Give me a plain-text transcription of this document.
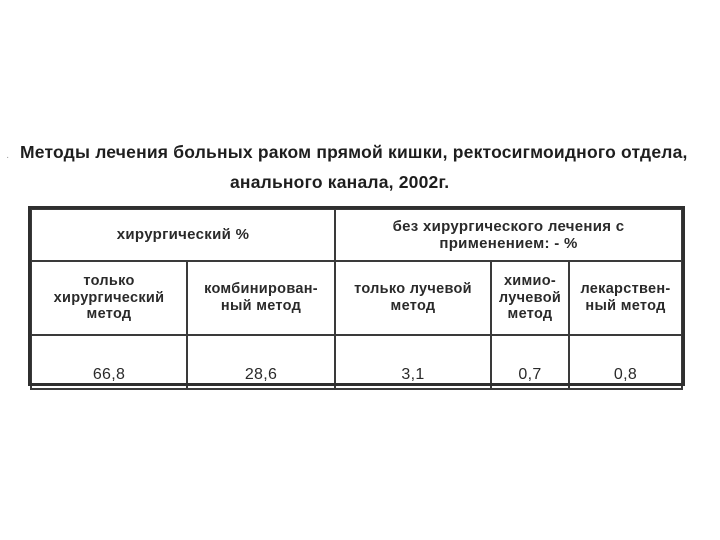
Методы лечения больных раком прямой кишки, ректосигмоидного отдела,
анального канала, 2002г.
·
хирургический %		без хирургического лечения с применением: - %		
только хирургический метод	комбинирован-ный метод	только лучевой метод	химио-лучевой метод	лекарствен-ный метод
66,8	28,6	3,1	0,7	0,8
